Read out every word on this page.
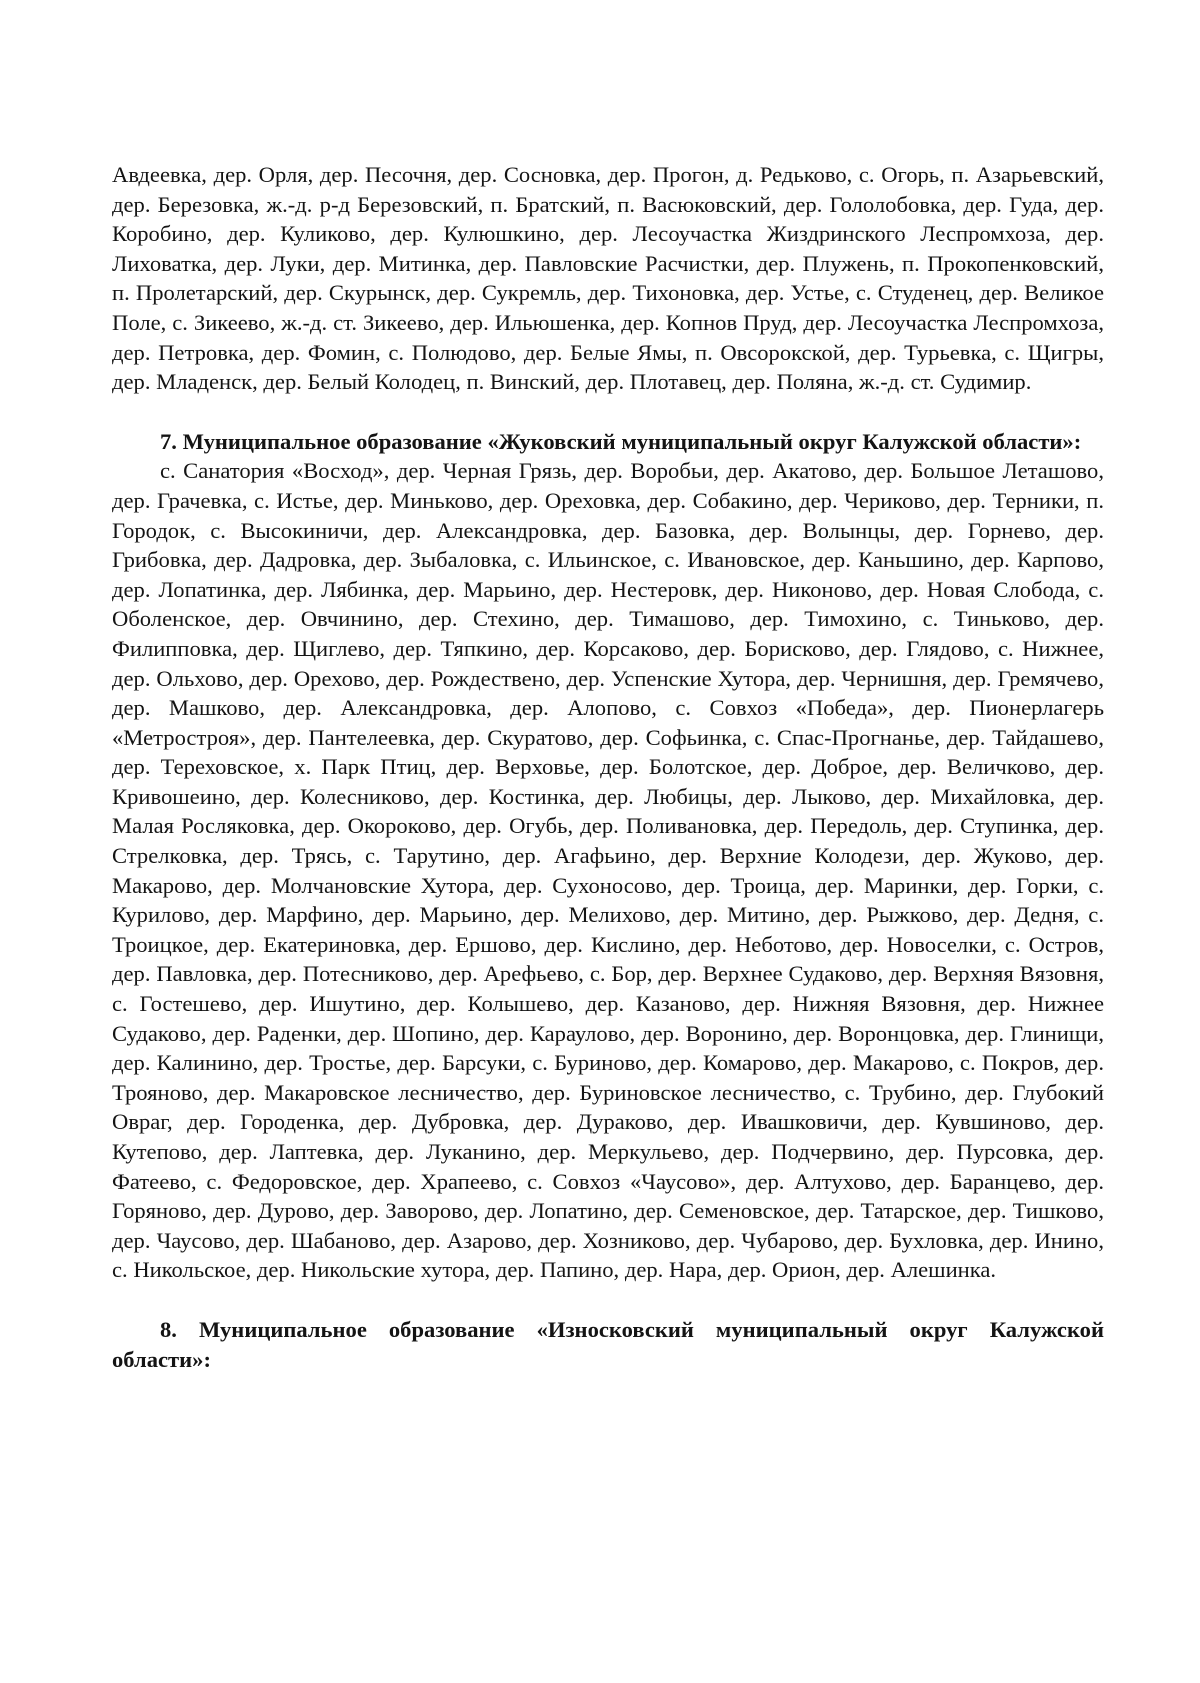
Авдеевка, дер. Орля, дер. Песочня, дер. Сосновка, дер. Прогон, д. Редьково, с. Огорь, п. Азарьевский, дер. Березовка, ж.-д. р-д Березовский, п. Братский, п. Васюковский, дер. Гололобовка, дер. Гуда, дер. Коробино, дер. Куликово, дер. Кулюшкино, дер. Лесоучастка Жиздринского Леспромхоза, дер. Лиховатка, дер. Луки, дер. Митинка, дер. Павловские Расчистки, дер. Плужень, п. Прокопенковский, п. Пролетарский, дер. Скурынск, дер. Сукремль, дер. Тихоновка, дер. Устье, с. Студенец, дер. Великое Поле, с. Зикеево, ж.-д. ст. Зикеево, дер. Ильюшенка, дер. Копнов Пруд, дер. Лесоучастка Леспромхоза, дер. Петровка, дер. Фомин, с. Полюдово, дер. Белые Ямы, п. Овсорокской, дер. Турьевка, с. Щигры, дер. Младенск, дер. Белый Колодец, п. Винский, дер. Плотавец, дер. Поляна, ж.-д. ст. Судимир.

7. Муниципальное образование «Жуковский муниципальный округ Калужской области»:

с. Санатория «Восход», дер. Черная Грязь, дер. Воробьи, дер. Акатово, дер. Большое Леташово, дер. Грачевка, с. Истье, дер. Миньково, дер. Ореховка, дер. Собакино, дер. Чериково, дер. Терники, п. Городок, с. Высокиничи, дер. Александровка, дер. Базовка, дер. Волынцы, дер. Горнево, дер. Грибовка, дер. Дадровка, дер. Зыбаловка, с. Ильинское, с. Ивановское, дер. Каньшино, дер. Карпово, дер. Лопатинка, дер. Лябинка, дер. Марьино, дер. Нестеровк, дер. Никоново, дер. Новая Слобода, с. Оболенское, дер. Овчинино, дер. Стехино, дер. Тимашово, дер. Тимохино, с. Тиньково, дер. Филипповка, дер. Щиглево, дер. Тяпкино, дер. Корсаково, дер. Борисково, дер. Глядово, с. Нижнее, дер. Ольхово, дер. Орехово, дер. Рождествено, дер. Успенские Хутора, дер. Чернишня, дер. Гремячево, дер. Машково, дер. Александровка, дер. Алопово, с. Совхоз «Победа», дер. Пионерлагерь «Метростроя», дер. Пантелеевка, дер. Скуратово, дер. Софьинка, с. Спас-Прогнанье, дер. Тайдашево, дер. Тереховское, х. Парк Птиц, дер. Верховье, дер. Болотское, дер. Доброе, дер. Величково, дер. Кривошеино, дер. Колесниково, дер. Костинка, дер. Любицы, дер. Лыково, дер. Михайловка, дер. Малая Росляковка, дер. Окороково, дер. Огубь, дер. Поливановка, дер. Передоль, дер. Ступинка, дер. Стрелковка, дер. Трясь, с. Тарутино, дер. Агафьино, дер. Верхние Колодези, дер. Жуково, дер. Макарово, дер. Молчановские Хутора, дер. Сухоносово, дер. Троица, дер. Маринки, дер. Горки, с. Курилово, дер. Марфино, дер. Марьино, дер. Мелихово, дер. Митино, дер. Рыжково, дер. Дедня, с. Троицкое, дер. Екатериновка, дер. Ершово, дер. Кислино, дер. Неботово, дер. Новоселки, с. Остров, дер. Павловка, дер. Потесниково, дер. Арефьево, с. Бор, дер. Верхнее Судаково, дер. Верхняя Вязовня, с. Гостешево, дер. Ишутино, дер. Колышево, дер. Казаново, дер. Нижняя Вязовня, дер. Нижнее Судаково, дер. Раденки, дер. Шопино, дер. Караулово, дер. Воронино, дер. Воронцовка, дер. Глинищи, дер. Калинино, дер. Тростье, дер. Барсуки, с. Буриново, дер. Комарово, дер. Макарово, с. Покров, дер. Трояново, дер. Макаровское лесничество, дер. Буриновское лесничество, с. Трубино, дер. Глубокий Овраг, дер. Городенка, дер. Дубровка, дер. Дураково, дер. Ивашковичи, дер. Кувшиново, дер. Кутепово, дер. Лаптевка, дер. Луканино, дер. Меркульево, дер. Подчервино, дер. Пурсовка, дер. Фатеево, с. Федоровское, дер. Храпеево, с. Совхоз «Чаусово», дер. Алтухово, дер. Баранцево, дер. Горяново, дер. Дурово, дер. Заворово, дер. Лопатино, дер. Семеновское, дер. Татарское, дер. Тишково, дер. Чаусово, дер. Шабаново, дер. Азарово, дер. Хозниково, дер. Чубарово, дер. Бухловка, дер. Инино, с. Никольское, дер. Никольские хутора, дер. Папино, дер. Нара, дер. Орион, дер. Алешинка.

8. Муниципальное образование «Износковский муниципальный округ Калужской области»:
